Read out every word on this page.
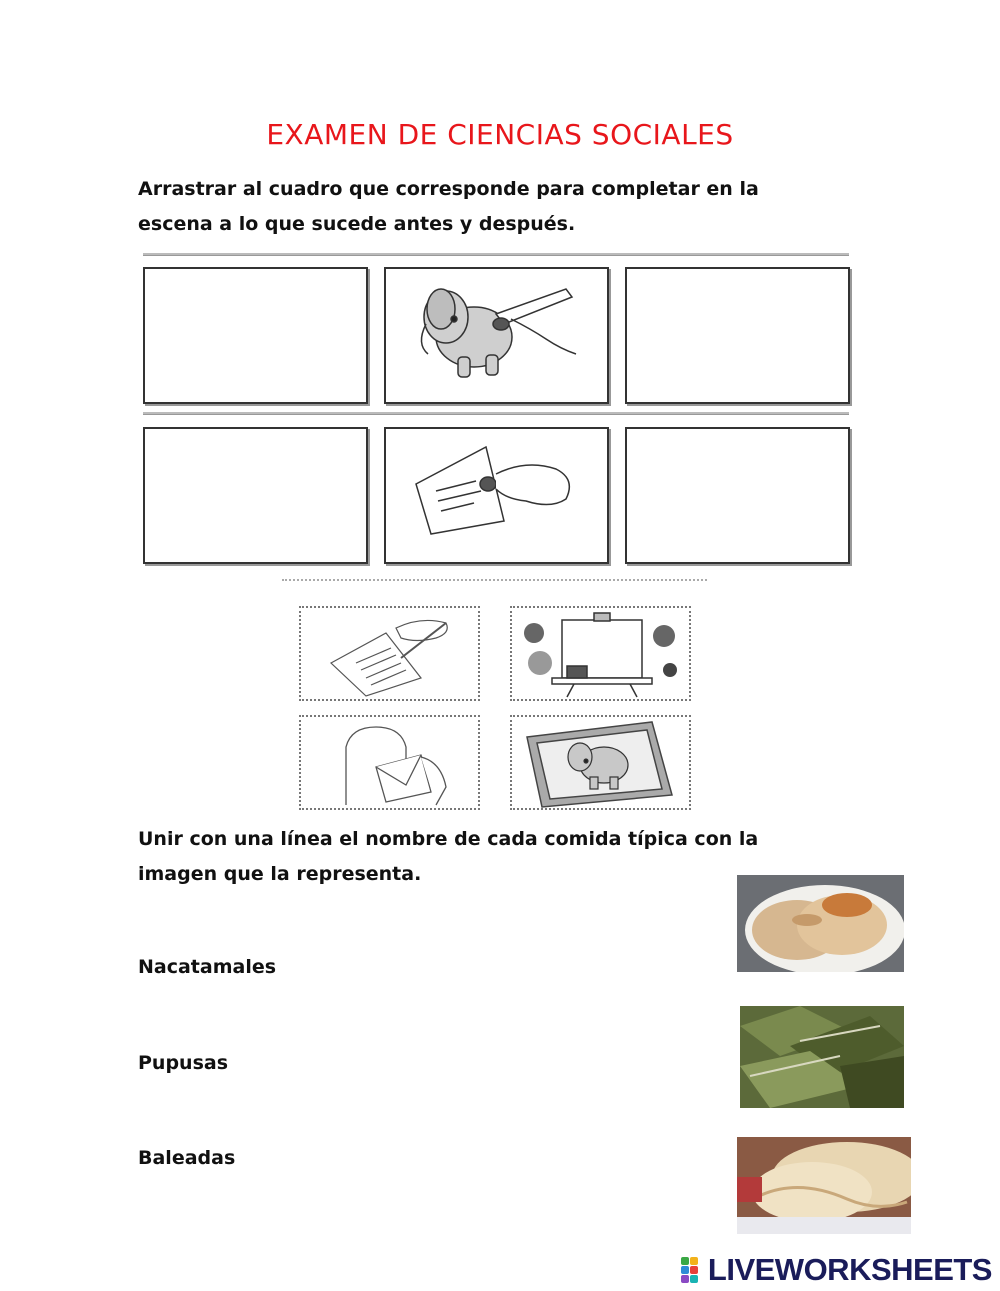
EXAMEN DE CIENCIAS SOCIALES
Arrastrar al cuadro que corresponde para completar en la escena a lo que sucede antes y después.
Unir con una línea el nombre de cada comida típica con la imagen que la representa.
Nacatamales
Pupusas
Baleadas
LIVEWORKSHEETS
